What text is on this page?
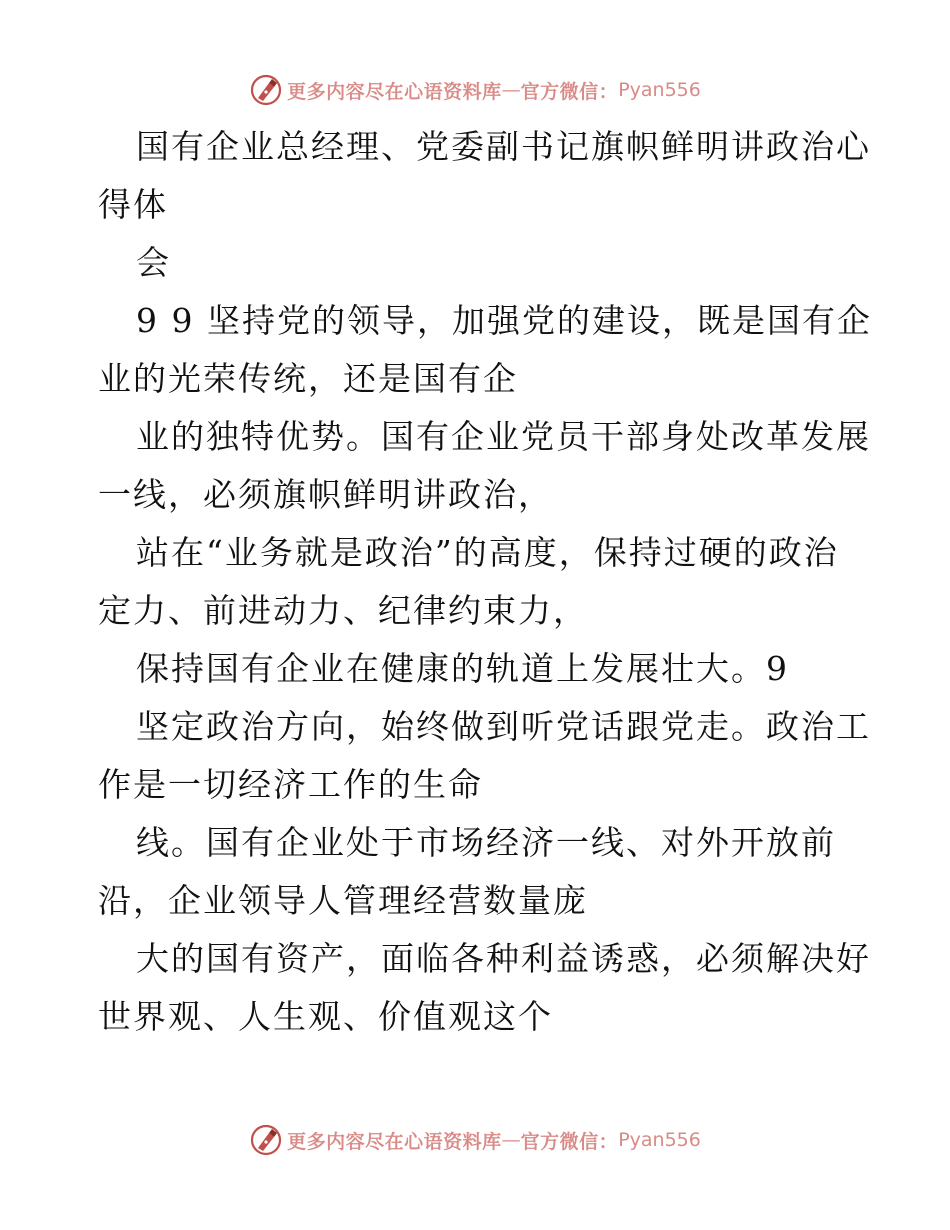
更多内容尽在心语资料库 — 官方微信： Pyan556
国有企业总经理、党委副书记旗帜鲜明讲政治心
得体
会
9 9 坚持党的领导，加强党的建设，既是国有企
业的光荣传统，还是国有企
业的独特优势。国有企业党员干部身处改革发展
一线，必须旗帜鲜明讲政治，
站在“业务就是政治”的高度，保持过硬的政治
定力、前进动力、纪律约束力，
保持国有企业在健康的轨道上发展壮大。9
坚定政治方向，始终做到听党话跟党走。政治工
作是一切经济工作的生命
线。国有企业处于市场经济一线、对外开放前
沿，企业领导人管理经营数量庞
大的国有资产，面临各种利益诱惑，必须解决好
世界观、人生观、价值观这个
更多内容尽在心语资料库 — 官方微信： Pyan556
